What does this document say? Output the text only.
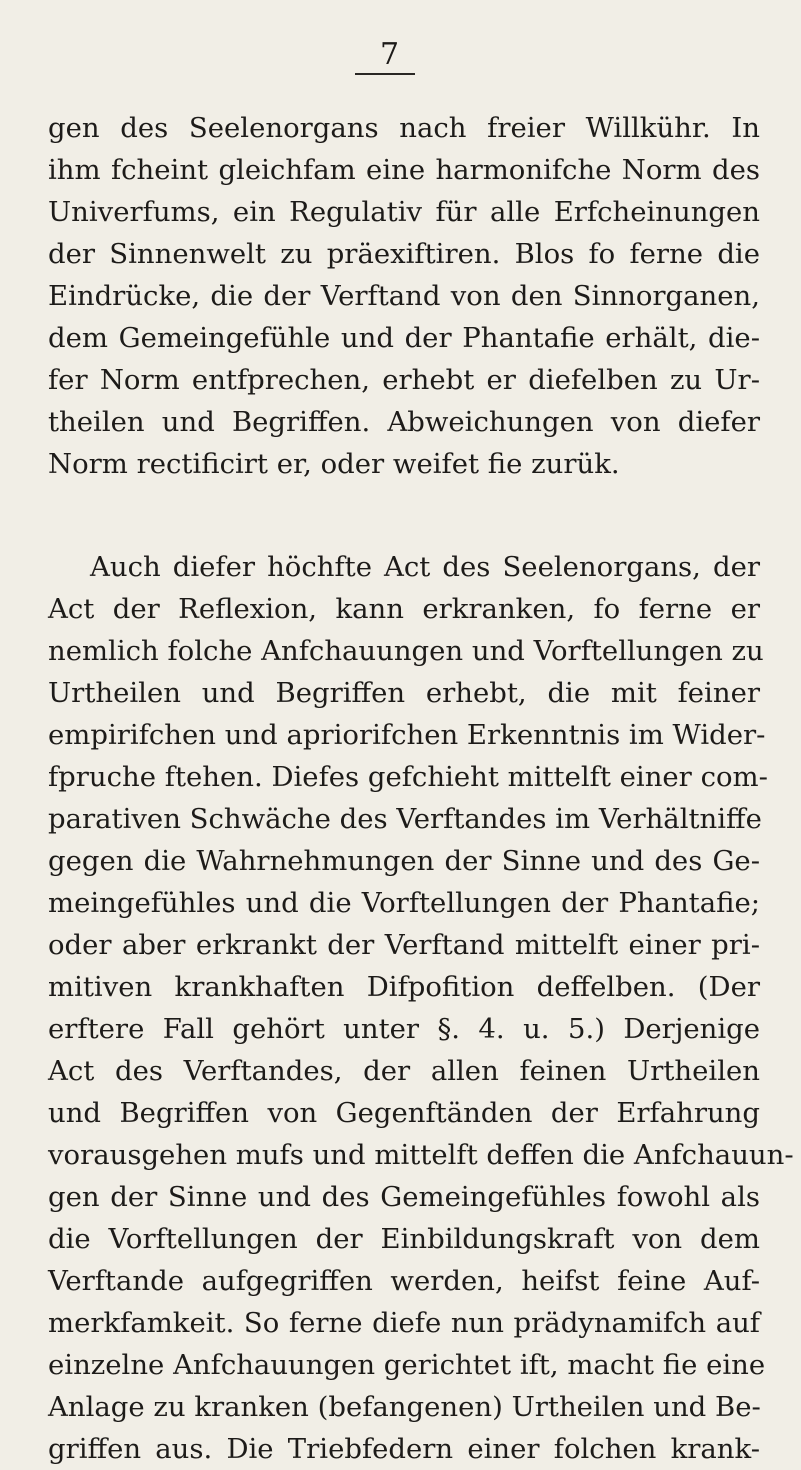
7
gen des Seelenorgans nach freier Willkühr. In
ihm fcheint gleichfam eine harmonifche Norm des
Univerfums, ein Regulativ für alle Erfcheinungen
der Sinnenwelt zu präexiftiren. Blos fo ferne die
Eindrücke, die der Verftand von den Sinnorganen,
dem Gemeingefühle und der Phantafie erhält, die-
fer Norm entfprechen, erhebt er diefelben zu Ur-
theilen und Begriffen. Abweichungen von diefer
Norm rectificirt er, oder weifet fie zurük.
Auch diefer höchfte Act des Seelenorgans, der
Act der Reflexion, kann erkranken, fo ferne er
nemlich folche Anfchauungen und Vorftellungen zu
Urtheilen und Begriffen erhebt, die mit feiner
empirifchen und apriorifchen Erkenntnis im Wider-
fpruche ftehen. Diefes gefchieht mittelft einer com-
parativen Schwäche des Verftandes im Verhältniffe
gegen die Wahrnehmungen der Sinne und des Ge-
meingefühles und die Vorftellungen der Phantafie;
oder aber erkrankt der Verftand mittelft einer pri-
mitiven krankhaften Difpofition deffelben. (Der
erftere Fall gehört unter §. 4. u. 5.) Derjenige
Act des Verftandes, der allen feinen Urtheilen
und Begriffen von Gegenftänden der Erfahrung
vorausgehen mufs und mittelft deffen die Anfchauun-
gen der Sinne und des Gemeingefühles fowohl als
die Vorftellungen der Einbildungskraft von dem
Verftande aufgegriffen werden, heifst feine Auf-
merkfamkeit. So ferne diefe nun prädynamifch auf
einzelne Anfchauungen gerichtet ift, macht fie eine
Anlage zu kranken (befangenen) Urtheilen und Be-
griffen aus. Die Triebfedern einer folchen krank-
